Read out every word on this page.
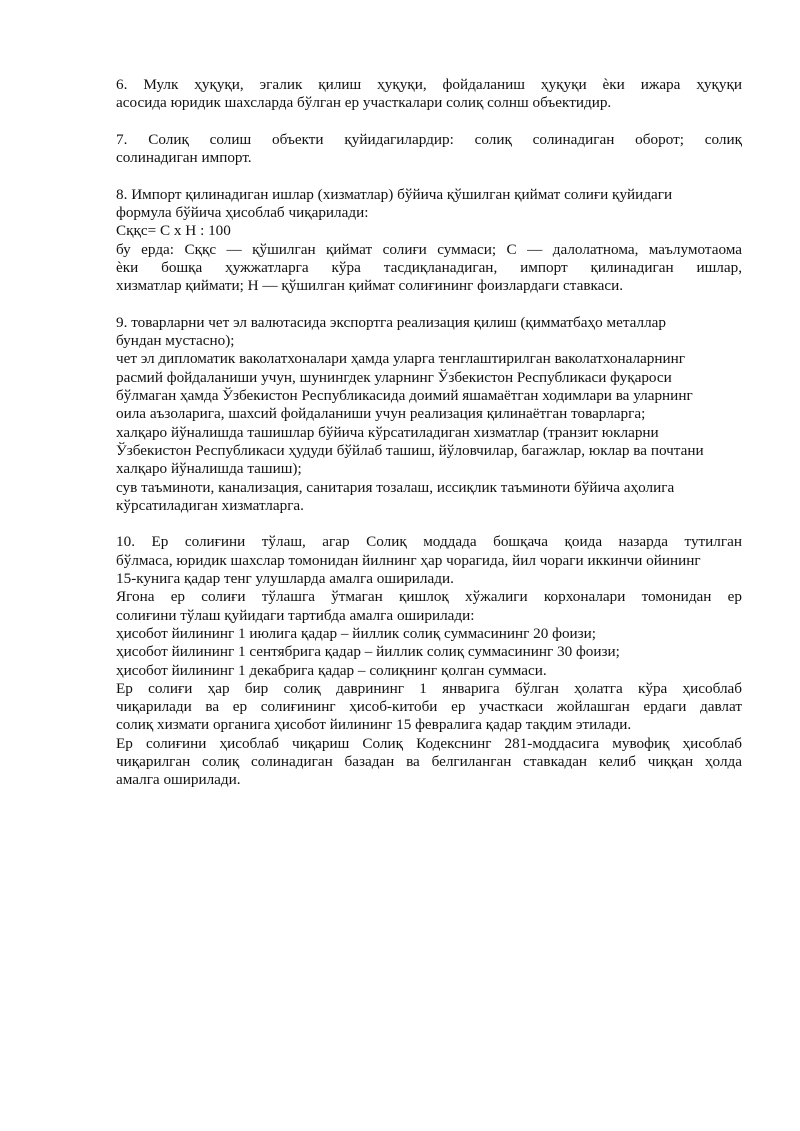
6. Мулк ҳуқуқи, эгалик қилиш ҳуқуқи, фойдаланиш ҳуқуқи ѐки ижара ҳуқуқи
асосида юридик шахсларда бўлган ер участкалари солиқ солнш объектидир.

7. Солиқ солиш объекти қуйидагилардир: солиқ солинадиган оборот; солиқ
солинадиган импорт.

8. Импорт қилинадиган ишлар (хизматлар) бўйича қўшилган қиймат солиғи қуйидаги
формула бўйича ҳисоблаб чиқарилади:
Сққс= С х Н : 100
бу ерда: Сққс — қўшилган қиймат солиғи суммаси; С — далолатнома, маълумотаома
ѐки бошқа ҳужжатларга кўра тасдиқланадиган, импорт қилинадиган ишлар,
хизматлар қиймати; Н — қўшилган қиймат солиғининг фоизлардаги ставкаси.

9. товарларни чет эл валютасида экспортга реализация қилиш (қимматбаҳо металлар
бундан мустасно);
чет эл дипломатик ваколатхоналари ҳамда уларга тенглаштирилган ваколатхоналарнинг
расмий фойдаланиши учун, шунингдек уларнинг Ўзбекистон Республикаси фуқароси
бўлмаган ҳамда Ўзбекистон Республикасида доимий яшамаётган ходимлари ва уларнинг
оила аъзоларига, шахсий фойдаланиши учун реализация қилинаётган товарларга;
халқаро йўналишда ташишлар бўйича кўрсатиладиган хизматлар (транзит юкларни
Ўзбекистон Республикаси ҳудуди бўйлаб ташиш, йўловчилар, багажлар, юклар ва почтани
халқаро йўналишда ташиш);
сув таъминоти, канализация, санитария тозалаш, иссиқлик таъминоти бўйича аҳолига
кўрсатиладиган хизматларга.

10. Ер солиғини тўлаш, агар Солиқ моддада бошқача қоида назарда тутилган
бўлмаса, юридик шахслар томонидан йилнинг ҳар чорагида, йил чораги иккинчи ойининг
15-кунига қадар тенг улушларда амалга оширилади.
Ягона ер солиғи тўлашга ўтмаган қишлоқ хўжалиги корхоналари томонидан ер
солиғини тўлаш қуйидаги тартибда амалга оширилади:
ҳисобот йилининг 1 июлига қадар – йиллик солиқ суммасининг 20 фоизи;
ҳисобот йилининг 1 сентябрига қадар – йиллик солиқ суммасининг 30 фоизи;
ҳисобот йилининг 1 декабрига қадар – солиқнинг қолган суммаси.
Ер солиғи ҳар бир солиқ даврининг 1 январига бўлган ҳолатга кўра ҳисоблаб
чиқарилади ва ер солиғининг ҳисоб-китоби ер участкаси жойлашган ердаги давлат
солиқ хизмати органига ҳисобот йилининг 15 февралига қадар тақдим этилади.
Ер солиғини ҳисоблаб чиқариш Солиқ Кодекснинг 281-моддасига мувофиқ ҳисоблаб
чиқарилган солиқ солинадиган базадан ва белгиланган ставкадан келиб чиққан ҳолда
амалга оширилади.
